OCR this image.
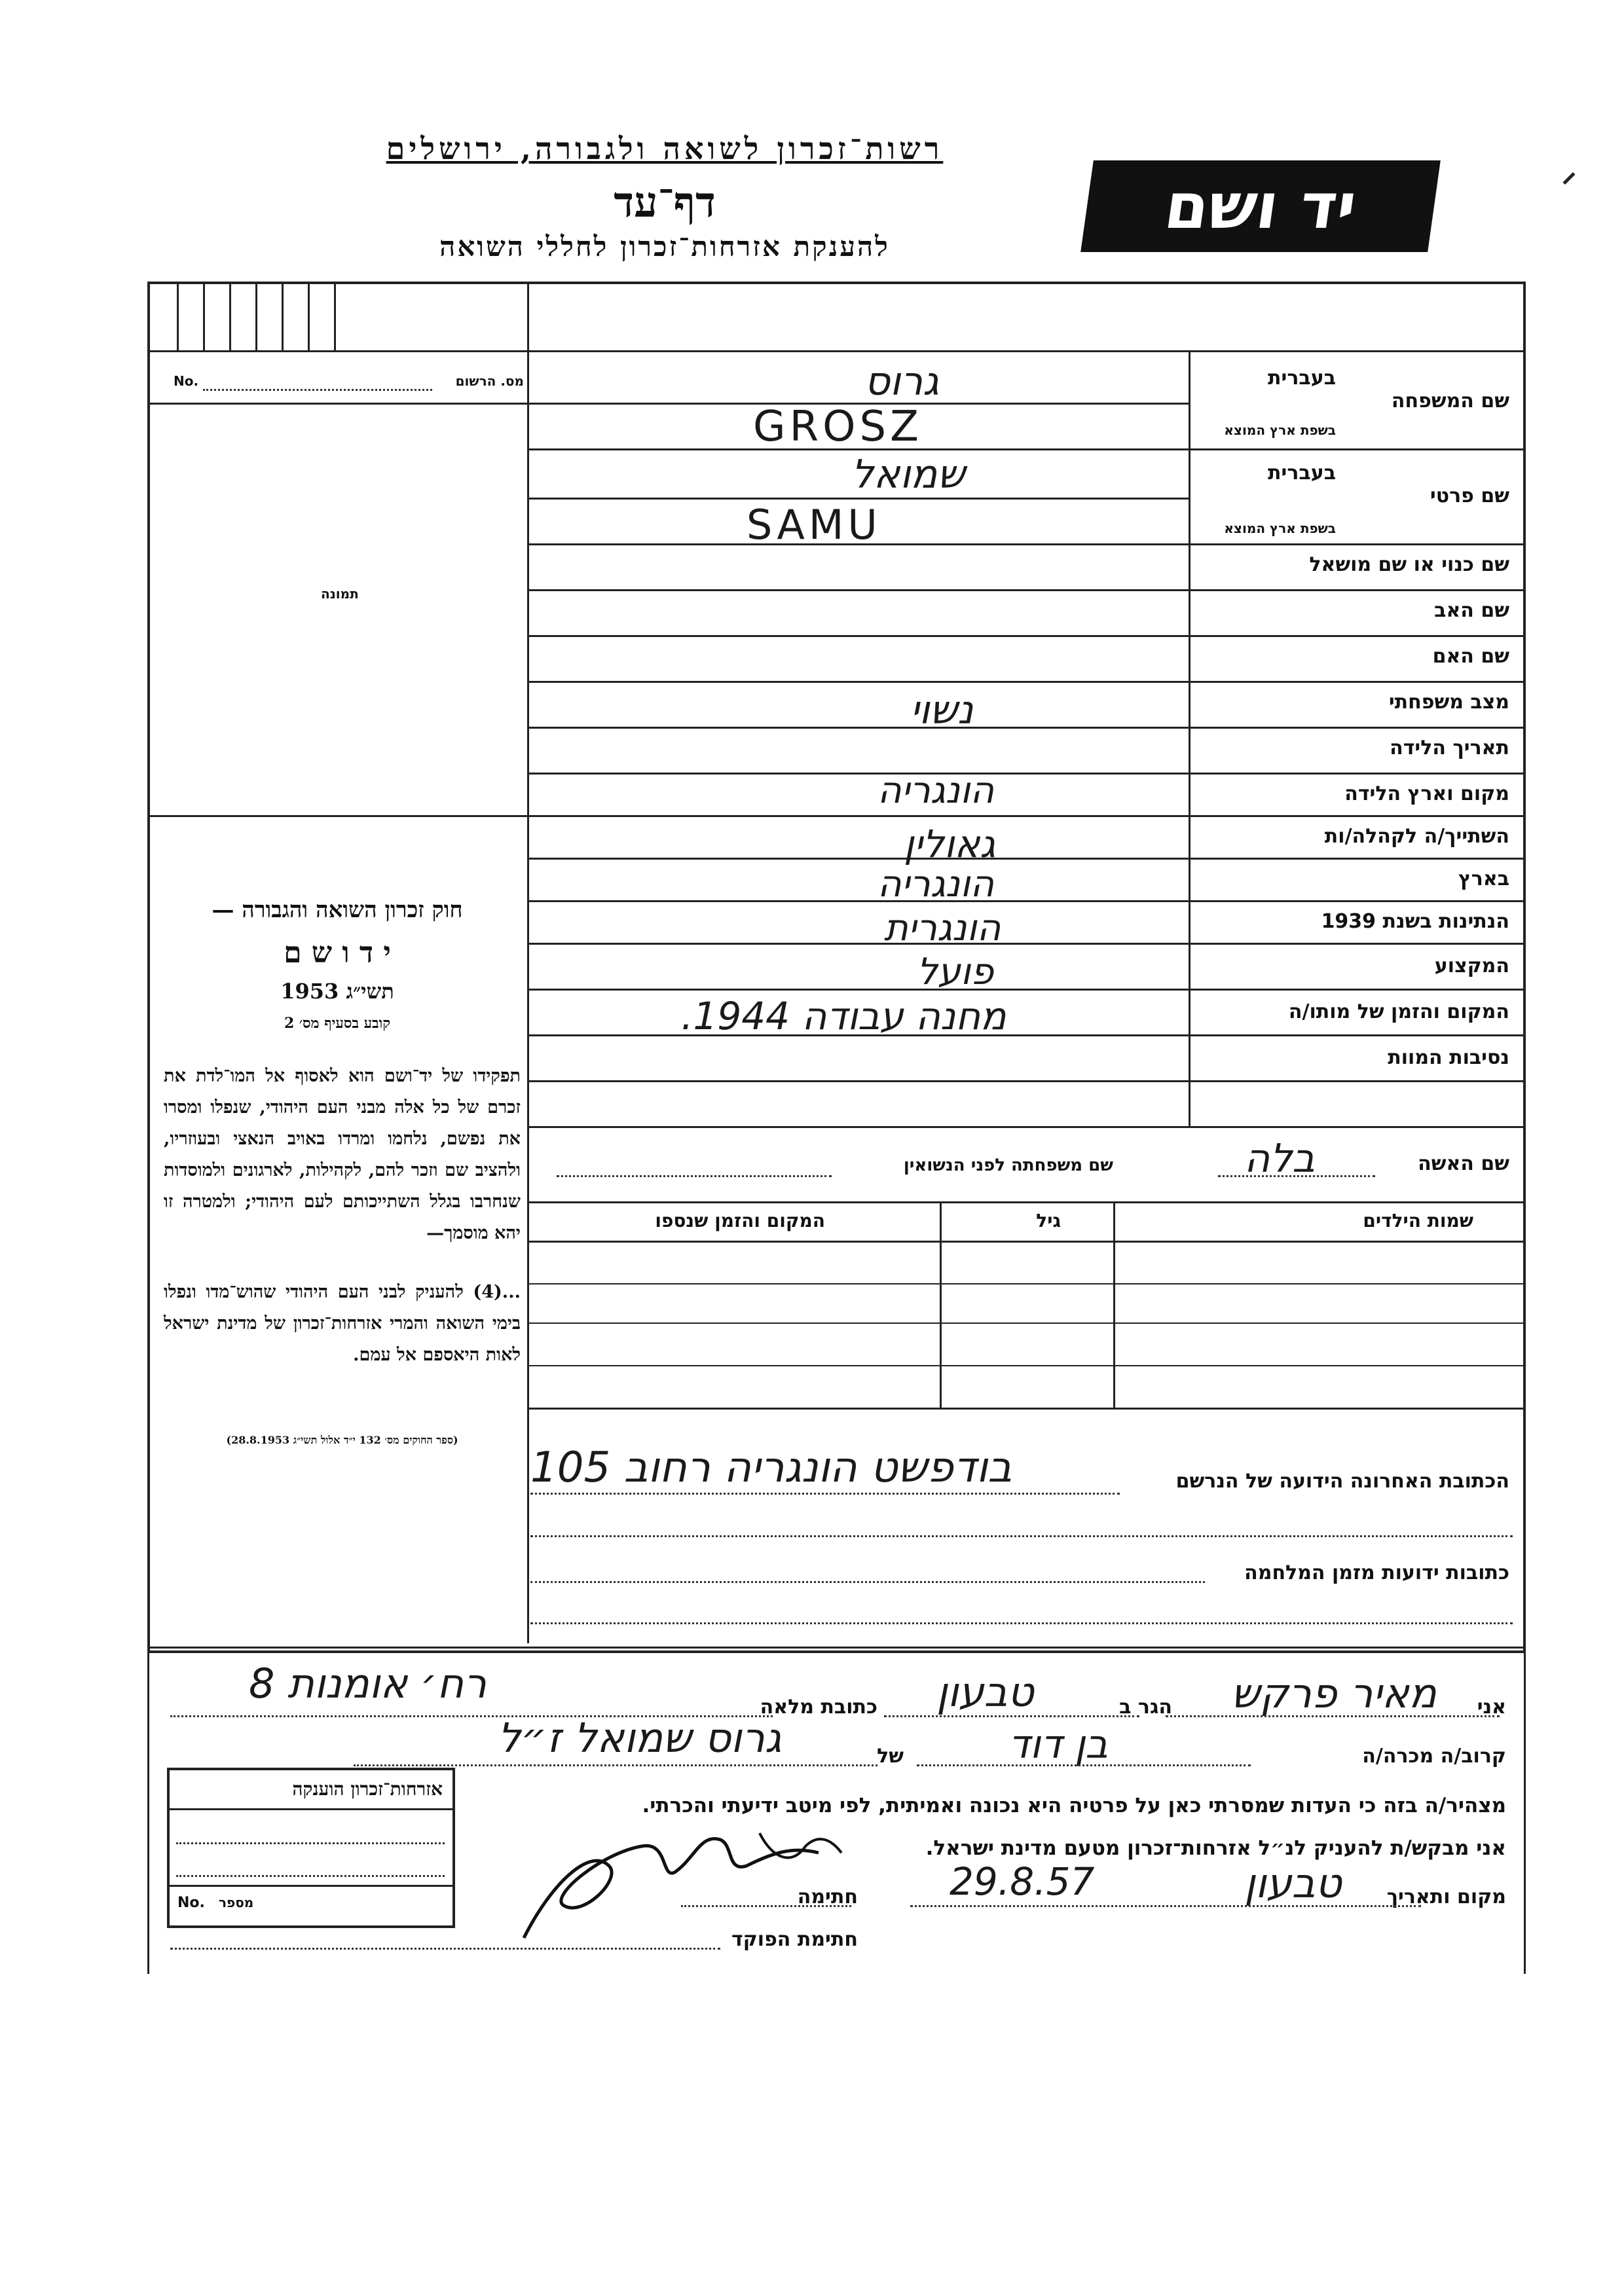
רשות־זכרון לשואה ולגבורה, ירושלים
דף־עד
להענקת אזרחות־זכרון לחללי השואה
יד ושם
מס. הרשום
No.
תמונה
חוק זכרון השואה והגבורה —
י ד ו ש ם
תשי״ג 1953
קובע בסעיף מס׳ 2
תפקידו של יד־ושם הוא לאסוף אל המו־לדת את זכרם של כל אלה מבני העם היהודי, שנפלו ומסרו את נפשם, נלחמו ומרדו באויב הנאצי ובעוזריו, ולהציב שם וזכר להם, לקהילות, לארגונים ולמוסדות שנחרבו בגלל השתייכותם לעם היהודי; ולמטרה זו יהא מוסמך—
...(4) להעניק לבני העם היהודי שהוש־מדו ונפלו בימי השואה והמרי אזרחות־זכרון של מדינת ישראל לאות היאספם אל עמם.
(ספר החוקים מס׳ 132 י״ד אלול תשי״ג 28.8.1953)
שם המשפחה
בעברית
בשפת ארץ המוצא
שם פרטי
בעברית
בשפת ארץ המוצא
שם כנוי או שם מושאל
שם האב
שם האם
מצב משפחתי
תאריך הלידה
מקום וארץ הלידה
השתייך/ה לקהלה/ות
בארץ
הנתינות בשנת 1939
המקצוע
המקום והזמן של מותו/ה
נסיבות המוות
גרוס
GROSZ
שמואל
SAMU
נשוי
הונגריה
גאולין
הונגריה
הונגרית
פועל
מחנה עבודה 1944.
שם האשה
בלה
שם משפחתה לפני הנשואין
שמות הילדים
גיל
המקום והזמן שנספו
הכתובת האחרונה הידועה של הנרשם
בודפשט הונגריה רחוב 105
כתובות ידועות מזמן המלחמה
אני
מאיר פרקש
הגר ב
טבעון
כתובת מלאה
רח׳ אומנות 8
קרוב/ה מכרה/ה
בן דוד
של
גרוס שמואל ז״ל
מצהיר/ה בזה כי העדות שמסרתי כאן על פרטיה היא נכונה ואמיתית, לפי מיטב ידיעתי והכרתי.
אני מבקש/ת להעניק לנ״ל אזרחות־זכרון מטעם מדינת ישראל.
מקום ותאריך
טבעון
29.8.57
חתימה
חתימת הפוקד
אזרחות־זכרון הוענקה
No. מספר
